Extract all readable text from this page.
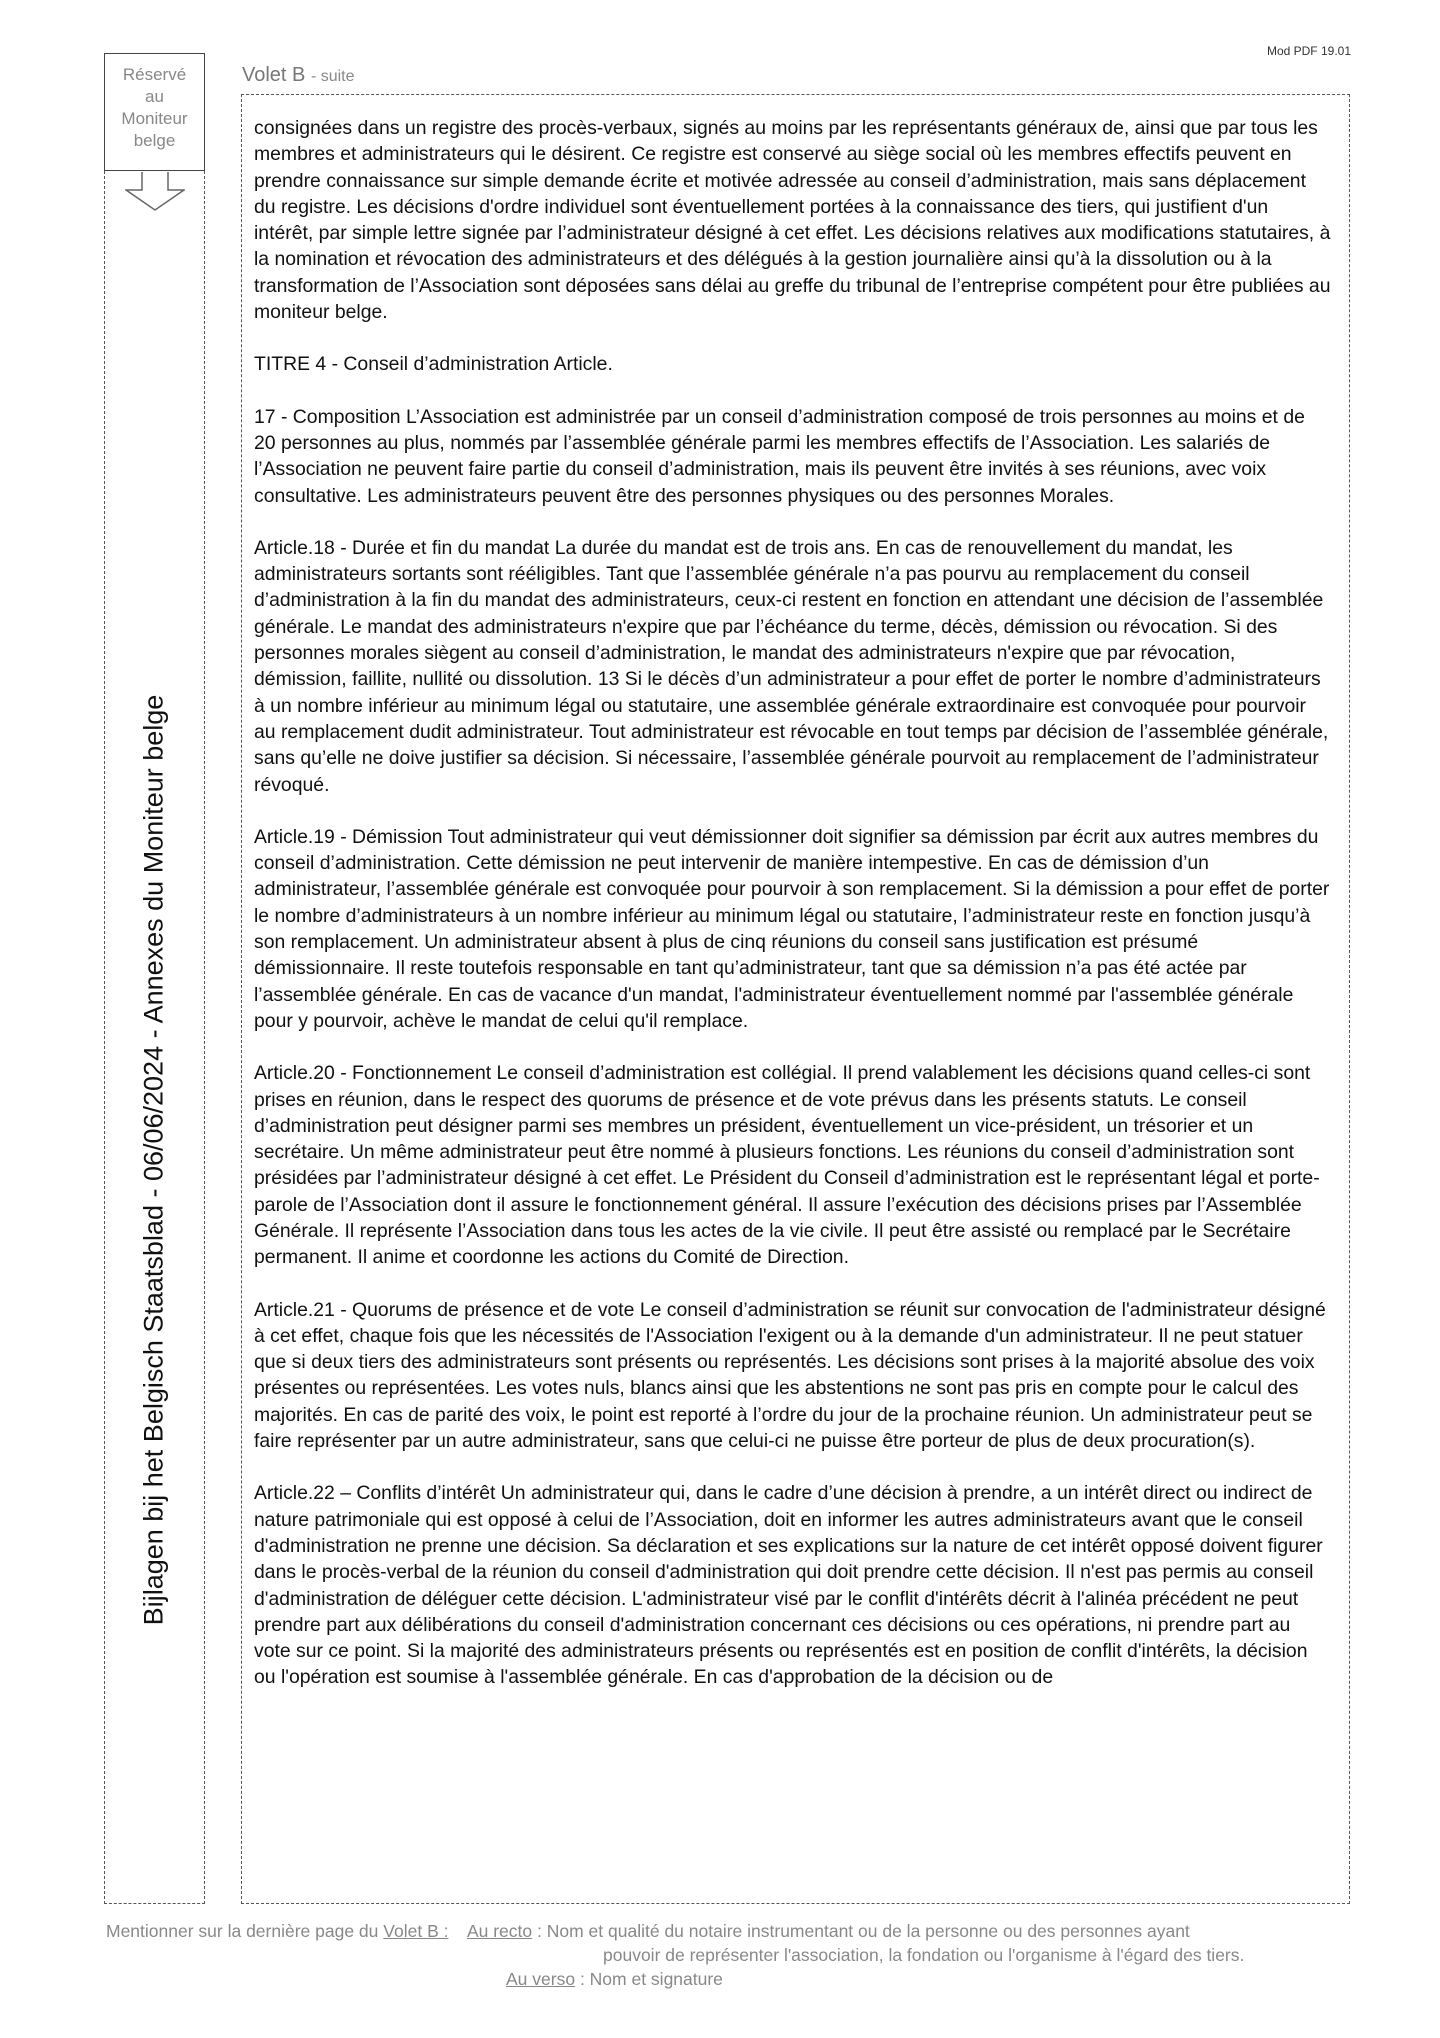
Mod PDF 19.01
Réservé
au
Moniteur
belge
Bijlagen bij het Belgisch Staatsblad - 06/06/2024 - Annexes du Moniteur belge
Volet B - suite

consignées dans un registre des procès-verbaux, signés au moins par les représentants généraux de, ainsi que par tous les membres et administrateurs qui le désirent. Ce registre est conservé au siège social où les membres effectifs peuvent en prendre connaissance sur simple demande écrite et motivée adressée au conseil d’administration, mais sans déplacement du registre. Les décisions d'ordre individuel sont éventuellement portées à la connaissance des tiers, qui justifient d'un intérêt, par simple lettre signée par l’administrateur désigné à cet effet. Les décisions relatives aux modifications statutaires, à la nomination et révocation des administrateurs et des délégués à la gestion journalière ainsi qu’à la dissolution ou à la transformation de l’Association sont déposées sans délai au greffe du tribunal de l’entreprise compétent pour être publiées au moniteur belge.

TITRE 4 - Conseil d’administration Article.

17 - Composition L’Association est administrée par un conseil d’administration composé de trois personnes au moins et de 20 personnes au plus, nommés par l’assemblée générale parmi les membres effectifs de l’Association. Les salariés de l’Association ne peuvent faire partie du conseil d’administration, mais ils peuvent être invités à ses réunions, avec voix consultative. Les administrateurs peuvent être des personnes physiques ou des personnes Morales.

Article.18 - Durée et fin du mandat La durée du mandat est de trois ans. En cas de renouvellement du mandat, les administrateurs sortants sont rééligibles. Tant que l’assemblée générale n’a pas pourvu au remplacement du conseil d’administration à la fin du mandat des administrateurs, ceux-ci restent en fonction en attendant une décision de l’assemblée générale. Le mandat des administrateurs n'expire que par l’échéance du terme, décès, démission ou révocation. Si des personnes morales siègent au conseil d’administration, le mandat des administrateurs n'expire que par révocation, démission, faillite, nullité ou dissolution. 13 Si le décès d’un administrateur a pour effet de porter le nombre d’administrateurs à un nombre inférieur au minimum légal ou statutaire, une assemblée générale extraordinaire est convoquée pour pourvoir au remplacement dudit administrateur. Tout administrateur est révocable en tout temps par décision de l’assemblée générale, sans qu’elle ne doive justifier sa décision. Si nécessaire, l’assemblée générale pourvoit au remplacement de l’administrateur révoqué.

Article.19 - Démission Tout administrateur qui veut démissionner doit signifier sa démission par écrit aux autres membres du conseil d’administration. Cette démission ne peut intervenir de manière intempestive. En cas de démission d’un administrateur, l’assemblée générale est convoquée pour pourvoir à son remplacement. Si la démission a pour effet de porter le nombre d’administrateurs à un nombre inférieur au minimum légal ou statutaire, l’administrateur reste en fonction jusqu’à son remplacement. Un administrateur absent à plus de cinq réunions du conseil sans justification est présumé démissionnaire. Il reste toutefois responsable en tant qu’administrateur, tant que sa démission n’a pas été actée par l’assemblée générale. En cas de vacance d'un mandat, l'administrateur éventuellement nommé par l'assemblée générale pour y pourvoir, achève le mandat de celui qu'il remplace.

Article.20 - Fonctionnement Le conseil d’administration est collégial. Il prend valablement les décisions quand celles-ci sont prises en réunion, dans le respect des quorums de présence et de vote prévus dans les présents statuts. Le conseil d’administration peut désigner parmi ses membres un président, éventuellement un vice-président, un trésorier et un secrétaire. Un même administrateur peut être nommé à plusieurs fonctions. Les réunions du conseil d’administration sont présidées par l’administrateur désigné à cet effet. Le Président du Conseil d’administration est le représentant légal et porte-parole de l’Association dont il assure le fonctionnement général. Il assure l’exécution des décisions prises par l’Assemblée Générale. Il représente l’Association dans tous les actes de la vie civile. Il peut être assisté ou remplacé par le Secrétaire permanent. Il anime et coordonne les actions du Comité de Direction.

Article.21 - Quorums de présence et de vote Le conseil d’administration se réunit sur convocation de l'administrateur désigné à cet effet, chaque fois que les nécessités de l'Association l'exigent ou à la demande d'un administrateur. Il ne peut statuer que si deux tiers des administrateurs sont présents ou représentés. Les décisions sont prises à la majorité absolue des voix présentes ou représentées. Les votes nuls, blancs ainsi que les abstentions ne sont pas pris en compte pour le calcul des majorités. En cas de parité des voix, le point est reporté à l’ordre du jour de la prochaine réunion. Un administrateur peut se faire représenter par un autre administrateur, sans que celui-ci ne puisse être porteur de plus de deux procuration(s).

Article.22 – Conflits d’intérêt Un administrateur qui, dans le cadre d’une décision à prendre, a un intérêt direct ou indirect de nature patrimoniale qui est opposé à celui de l’Association, doit en informer les autres administrateurs avant que le conseil d'administration ne prenne une décision. Sa déclaration et ses explications sur la nature de cet intérêt opposé doivent figurer dans le procès-verbal de la réunion du conseil d'administration qui doit prendre cette décision. Il n'est pas permis au conseil d'administration de déléguer cette décision. L'administrateur visé par le conflit d'intérêts décrit à l'alinéa précédent ne peut prendre part aux délibérations du conseil d'administration concernant ces décisions ou ces opérations, ni prendre part au vote sur ce point. Si la majorité des administrateurs présents ou représentés est en position de conflit d'intérêts, la décision ou l'opération est soumise à l'assemblée générale. En cas d'approbation de la décision ou de

Mentionner sur la dernière page du Volet B : Au recto : Nom et qualité du notaire instrumentant ou de la personne ou des personnes ayant
pouvoir de représenter l'association, la fondation ou l'organisme à l'égard des tiers.
Au verso : Nom et signature
